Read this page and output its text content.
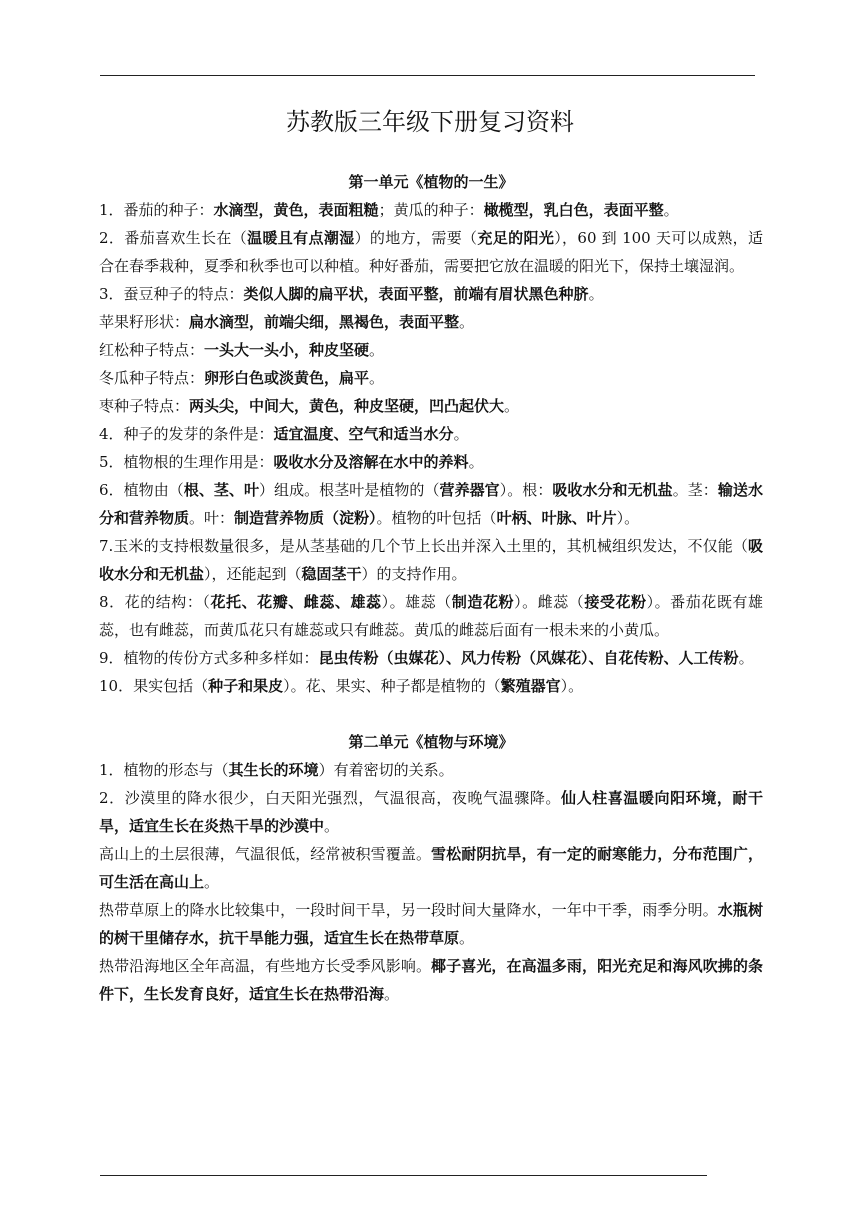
苏教版三年级下册复习资料

第一单元《植物的一生》

1．番茄的种子：水滴型，黄色，表面粗糙；黄瓜的种子：橄榄型，乳白色，表面平整。

2．番茄喜欢生长在（温暖且有点潮湿）的地方，需要（充足的阳光），60 到 100 天可以成熟，适合在春季栽种，夏季和秋季也可以种植。种好番茄，需要把它放在温暖的阳光下，保持土壤湿润。

3．蚕豆种子的特点：类似人脚的扁平状，表面平整，前端有眉状黑色种脐。

苹果籽形状：扁水滴型，前端尖细，黑褐色，表面平整。

红松种子特点：一头大一头小，种皮坚硬。

冬瓜种子特点：卵形白色或淡黄色，扁平。

枣种子特点：两头尖，中间大，黄色，种皮坚硬，凹凸起伏大。

4．种子的发芽的条件是：适宜温度、空气和适当水分。

5．植物根的生理作用是：吸收水分及溶解在水中的养料。

6．植物由（根、茎、叶）组成。根茎叶是植物的（营养器官）。根：吸收水分和无机盐。茎：输送水分和营养物质。叶：制造营养物质（淀粉）。植物的叶包括（叶柄、叶脉、叶片）。

7.玉米的支持根数量很多，是从茎基础的几个节上长出并深入土里的，其机械组织发达，不仅能（吸收水分和无机盐），还能起到（稳固茎干）的支持作用。

8．花的结构：（花托、花瓣、雌蕊、雄蕊）。雄蕊（制造花粉）。雌蕊（接受花粉）。番茄花既有雄蕊，也有雌蕊，而黄瓜花只有雄蕊或只有雌蕊。黄瓜的雌蕊后面有一根未来的小黄瓜。

9．植物的传份方式多种多样如：昆虫传粉（虫媒花）、风力传粉（风媒花）、自花传粉、人工传粉。

10．果实包括（种子和果皮）。花、果实、种子都是植物的（繁殖器官）。

第二单元《植物与环境》

1．植物的形态与（其生长的环境）有着密切的关系。

2．沙漠里的降水很少，白天阳光强烈，气温很高，夜晚气温骤降。仙人柱喜温暖向阳环境，耐干旱，适宜生长在炎热干旱的沙漠中。

高山上的土层很薄，气温很低，经常被积雪覆盖。雪松耐阴抗旱，有一定的耐寒能力，分布范围广，可生活在高山上。

热带草原上的降水比较集中，一段时间干旱，另一段时间大量降水，一年中干季，雨季分明。水瓶树的树干里储存水，抗干旱能力强，适宜生长在热带草原。

热带沿海地区全年高温，有些地方长受季风影响。椰子喜光，在高温多雨，阳光充足和海风吹拂的条件下，生长发育良好，适宜生长在热带沿海。
